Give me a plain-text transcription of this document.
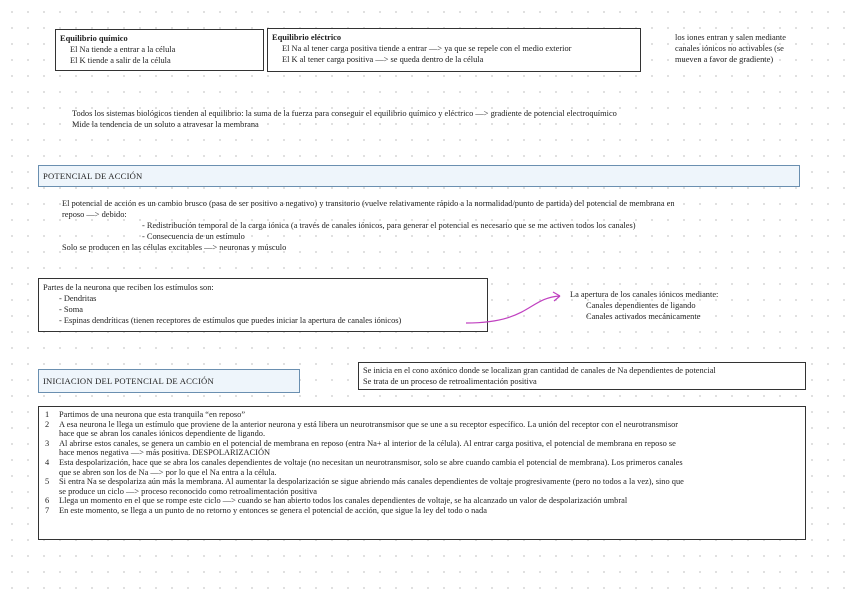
Equilibrio químico
El Na tiende a entrar a la célula
El K tiende a salir de la célula
Equilibrio eléctrico
El Na al tener carga positiva tiende a entrar —> ya que se repele con el medio exterior
El K al tener carga positiva —> se queda dentro de la célula
los iones entran y salen mediante
canales iónicos no activables (se
mueven a favor de gradiente)
Todos los sistemas biológicos tienden al equilibrio: la suma de la fuerza para conseguir el equilibrio químico y eléctrico —> gradiente de potencial electroquímico
Mide la tendencia de un soluto a atravesar la membrana
POTENCIAL DE ACCIÓN
El potencial de acción es un cambio brusco (pasa de ser positivo a negativo) y transitorio (vuelve relativamente rápido a la normalidad/punto de partida) del potencial de membrana en
reposo —> debido:
- Redistribución temporal de la carga iónica (a través de canales iónicos, para generar el potencial es necesario que se me activen todos los canales)
- Consecuencia de un estímulo
Solo se producen en las células excitables —> neuronas y músculo
Partes de la neurona que reciben los estímulos son:
- Dendritas
- Soma
- Espinas dendríticas (tienen receptores de estímulos que puedes iniciar la apertura de canales iónicos)
La apertura de los canales iónicos mediante:
Canales dependientes de ligando
Canales activados mecánicamente
INICIACION DEL POTENCIAL DE ACCIÓN
Se inicia en el cono axónico donde se localizan gran cantidad de canales de Na dependientes de potencial
Se trata de un proceso de retroalimentación positiva
1 Partimos de una neurona que esta tranquila “en reposo”
2 A esa neurona le llega un estímulo que proviene de la anterior neurona y está libera un neurotransmisor que se une a su receptor específico. La unión del receptor con el neurotransmisor
hace que se abran los canales iónicos dependiente de ligando.
3 Al abrirse estos canales, se genera un cambio en el potencial de membrana en reposo (entra Na+ al interior de la célula). Al entrar carga positiva, el potencial de membrana en reposo se
hace menos negativa —> más positiva. DESPOLARIZACIÓN
4 Esta despolarización, hace que se abra los canales dependientes de voltaje (no necesitan un neurotransmisor, solo se abre cuando cambia el potencial de membrana). Los primeros canales
que se abren son los de Na —> por lo que el Na entra a la célula.
5 Si entra Na se despolariza aún más la membrana. Al aumentar la despolarización se sigue abriendo más canales dependientes de voltaje progresivamente (pero no todos a la vez), sino que
se produce un ciclo —> proceso reconocido como retroalimentación positiva
6 Llega un momento en el que se rompe este ciclo —> cuando se han abierto todos los canales dependientes de voltaje, se ha alcanzado un valor de despolarización umbral
7 En este momento, se llega a un punto de no retorno y entonces se genera el potencial de acción, que sigue la ley del todo o nada
